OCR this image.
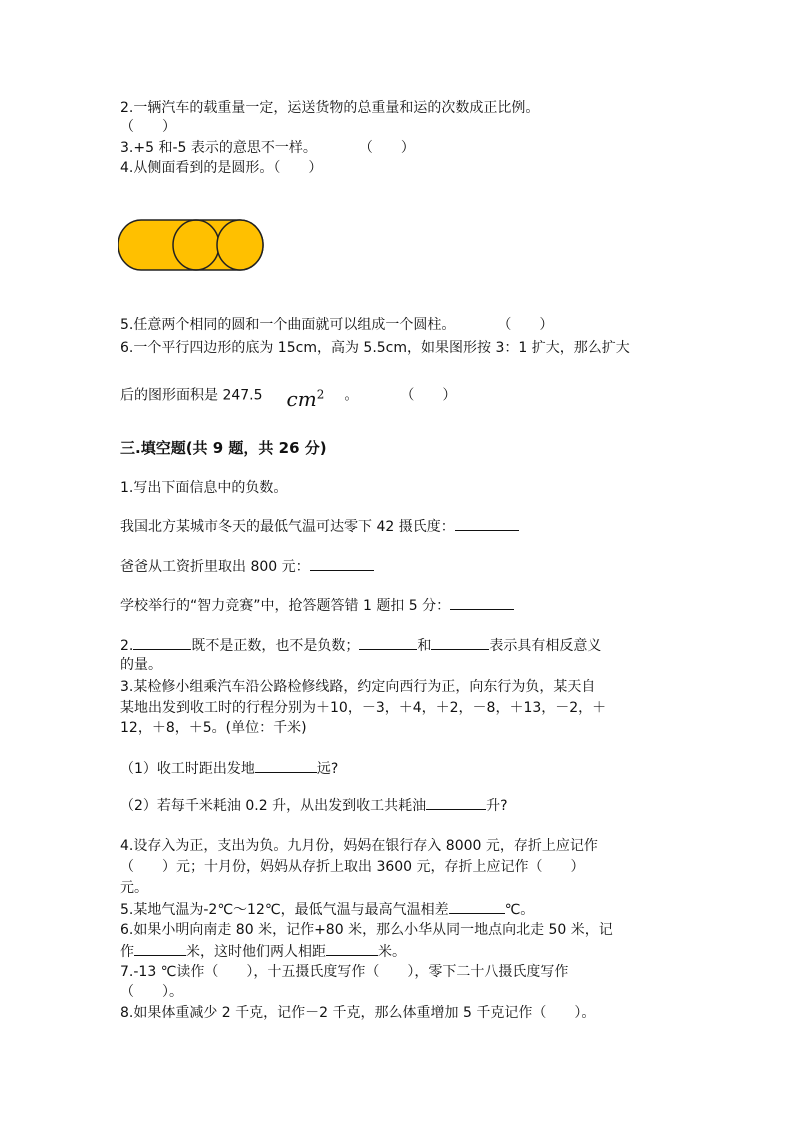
2.一辆汽车的载重量一定，运送货物的总重量和运的次数成正比例。
（　　）
3.+5 和-5 表示的意思不一样。　　　　（　　）
4.从侧面看到的是圆形。（　　）
5.任意两个相同的圆和一个曲面就可以组成一个圆柱。　　　　（　　）
6.一个平行四边形的底为 15cm，高为 5.5cm，如果图形按 3：1 扩大，那么扩大
后的图形面积是 247.5 $cm^2$ 。　　　　（　　）
三.填空题(共 9 题，共 26 分)
1.写出下面信息中的负数。
我国北方某城市冬天的最低气温可达零下 42 摄氏度：
爸爸从工资折里取出 800 元：
学校举行的“智力竞赛”中，抢答题答错 1 题扣 5 分：
2.	既不是正数，也不是负数；	和	表示具有相反意义
的量。
3.某检修小组乘汽车沿公路检修线路，约定向西行为正，向东行为负，某天自
某地出发到收工时的行程分别为＋10，－3，＋4，＋2，－8，＋13，－2，＋
12，＋8，＋5。(单位：千米)
（1）收工时距出发地	远?
（2）若每千米耗油 0.2 升，从出发到收工共耗油	升?
4.设存入为正，支出为负。九月份，妈妈在银行存入 8000 元，存折上应记作
（　　）元；十月份，妈妈从存折上取出 3600 元，存折上应记作（　　）
元。
5.某地气温为-2℃～12℃，最低气温与最高气温相差	℃。
6.如果小明向南走 80 米，记作+80 米，那么小华从同一地点向北走 50 米，记
作	米，这时他们两人相距	米。
7.-13 ℃读作（　　），十五摄氏度写作（　　），零下二十八摄氏度写作
（　　）。
8.如果体重减少 2 千克，记作－2 千克，那么体重增加 5 千克记作（　　）。
